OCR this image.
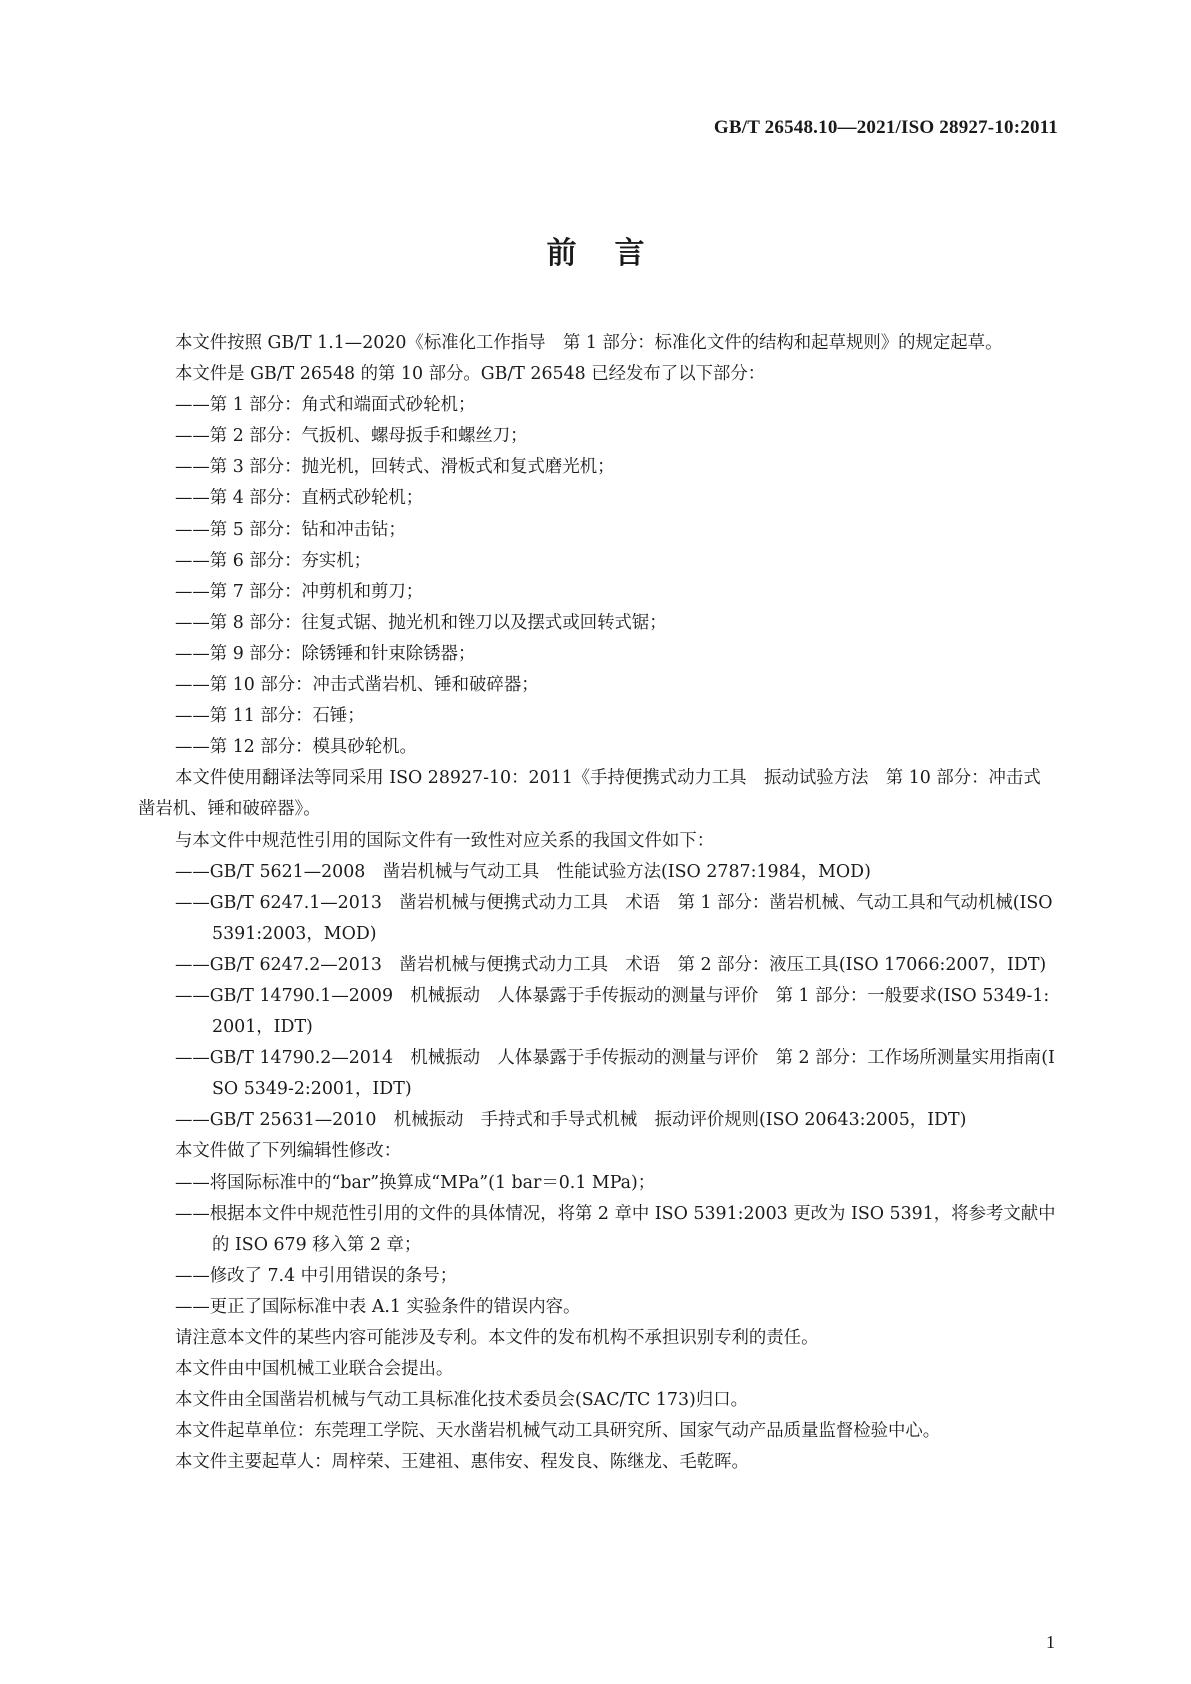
GB/T 26548.10—2021/ISO 28927-10:2011
前言
本文件按照 GB/T 1.1—2020《标准化工作指导　第 1 部分：标准化文件的结构和起草规则》的规定起草。
本文件是 GB/T 26548 的第 10 部分。GB/T 26548 已经发布了以下部分：
——第 1 部分：角式和端面式砂轮机；
——第 2 部分：气扳机、螺母扳手和螺丝刀；
——第 3 部分：抛光机，回转式、滑板式和复式磨光机；
——第 4 部分：直柄式砂轮机；
——第 5 部分：钻和冲击钻；
——第 6 部分：夯实机；
——第 7 部分：冲剪机和剪刀；
——第 8 部分：往复式锯、抛光机和锉刀以及摆式或回转式锯；
——第 9 部分：除锈锤和针束除锈器；
——第 10 部分：冲击式凿岩机、锤和破碎器；
——第 11 部分：石锤；
——第 12 部分：模具砂轮机。
本文件使用翻译法等同采用 ISO 28927-10：2011《手持便携式动力工具　振动试验方法　第 10 部分：冲击式凿岩机、锤和破碎器》。
与本文件中规范性引用的国际文件有一致性对应关系的我国文件如下：
——GB/T 5621—2008　凿岩机械与气动工具　性能试验方法(ISO 2787:1984，MOD)
——GB/T 6247.1—2013　凿岩机械与便携式动力工具　术语　第 1 部分：凿岩机械、气动工具和气动机械(ISO 5391:2003，MOD)
——GB/T 6247.2—2013　凿岩机械与便携式动力工具　术语　第 2 部分：液压工具(ISO 17066:2007，IDT)
——GB/T 14790.1—2009　机械振动　人体暴露于手传振动的测量与评价　第 1 部分：一般要求(ISO 5349-1:2001，IDT)
——GB/T 14790.2—2014　机械振动　人体暴露于手传振动的测量与评价　第 2 部分：工作场所测量实用指南(ISO 5349-2:2001，IDT)
——GB/T 25631—2010　机械振动　手持式和手导式机械　振动评价规则(ISO 20643:2005，IDT)
本文件做了下列编辑性修改：
——将国际标准中的“bar”换算成“MPa”(1 bar＝0.1 MPa)；
——根据本文件中规范性引用的文件的具体情况，将第 2 章中 ISO 5391:2003 更改为 ISO 5391，将参考文献中的 ISO 679 移入第 2 章；
——修改了 7.4 中引用错误的条号；
——更正了国际标准中表 A.1 实验条件的错误内容。
请注意本文件的某些内容可能涉及专利。本文件的发布机构不承担识别专利的责任。
本文件由中国机械工业联合会提出。
本文件由全国凿岩机械与气动工具标准化技术委员会(SAC/TC 173)归口。
本文件起草单位：东莞理工学院、天水凿岩机械气动工具研究所、国家气动产品质量监督检验中心。
本文件主要起草人：周梓荣、王建祖、惠伟安、程发良、陈继龙、毛乾晖。
1
